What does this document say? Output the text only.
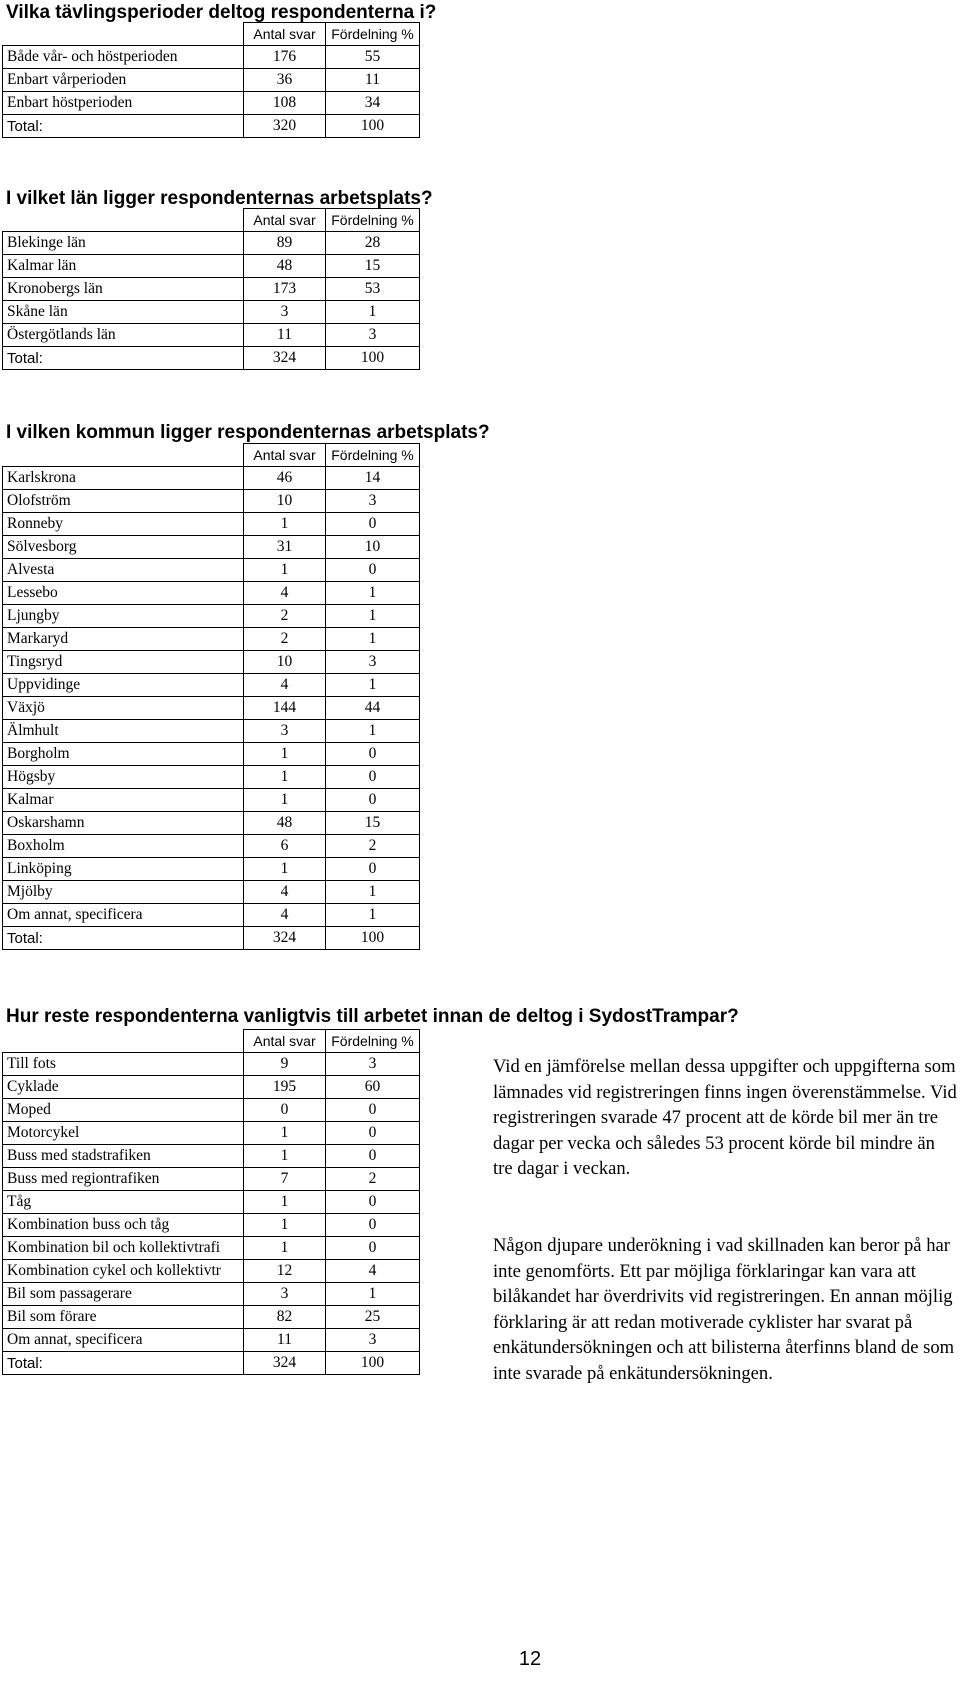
Vilka tävlingsperioder deltog respondenterna i?
	Antal svar	Fördelning %
Både vår- och höstperioden	176	55
Enbart vårperioden	36	11
Enbart höstperioden	108	34
Total:	320	100
I vilket län ligger respondenternas arbetsplats?
	Antal svar	Fördelning %
Blekinge län	89	28
Kalmar län	48	15
Kronobergs län	173	53
Skåne län	3	1
Östergötlands län	11	3
Total:	324	100
I vilken kommun ligger respondenternas arbetsplats?
	Antal svar	Fördelning %
Karlskrona	46	14
Olofström	10	3
Ronneby	1	0
Sölvesborg	31	10
Alvesta	1	0
Lessebo	4	1
Ljungby	2	1
Markaryd	2	1
Tingsryd	10	3
Uppvidinge	4	1
Växjö	144	44
Älmhult	3	1
Borgholm	1	0
Högsby	1	0
Kalmar	1	0
Oskarshamn	48	15
Boxholm	6	2
Linköping	1	0
Mjölby	4	1
Om annat, specificera	4	1
Total:	324	100
Hur reste respondenterna vanligtvis till arbetet innan de deltog i SydostTrampar?
	Antal svar	Fördelning %
Till fots	9	3
Cyklade	195	60
Moped	0	0
Motorcykel	1	0
Buss med stadstrafiken	1	0
Buss med regiontrafiken	7	2
Tåg	1	0
Kombination buss och tåg	1	0
Kombination bil och kollektivtrafi	1	0
Kombination cykel och kollektivtr	12	4
Bil som passagerare	3	1
Bil som förare	82	25
Om annat, specificera	11	3
Total:	324	100

Vid en jämförelse mellan dessa uppgifter och uppgifterna som lämnades vid registreringen finns ingen överenstämmelse. Vid registreringen svarade 47 procent att de körde bil mer än tre dagar per vecka och således 53 procent körde bil mindre än tre dagar i veckan.

Någon djupare underökning i vad skillnaden kan beror på har inte genomförts. Ett par möjliga förklaringar kan vara att bilåkandet har överdrivits vid registreringen. En annan möjlig förklaring är att redan motiverade cyklister har svarat på enkätundersökningen och att bilisterna återfinns bland de som inte svarade på enkätundersökningen.

12
